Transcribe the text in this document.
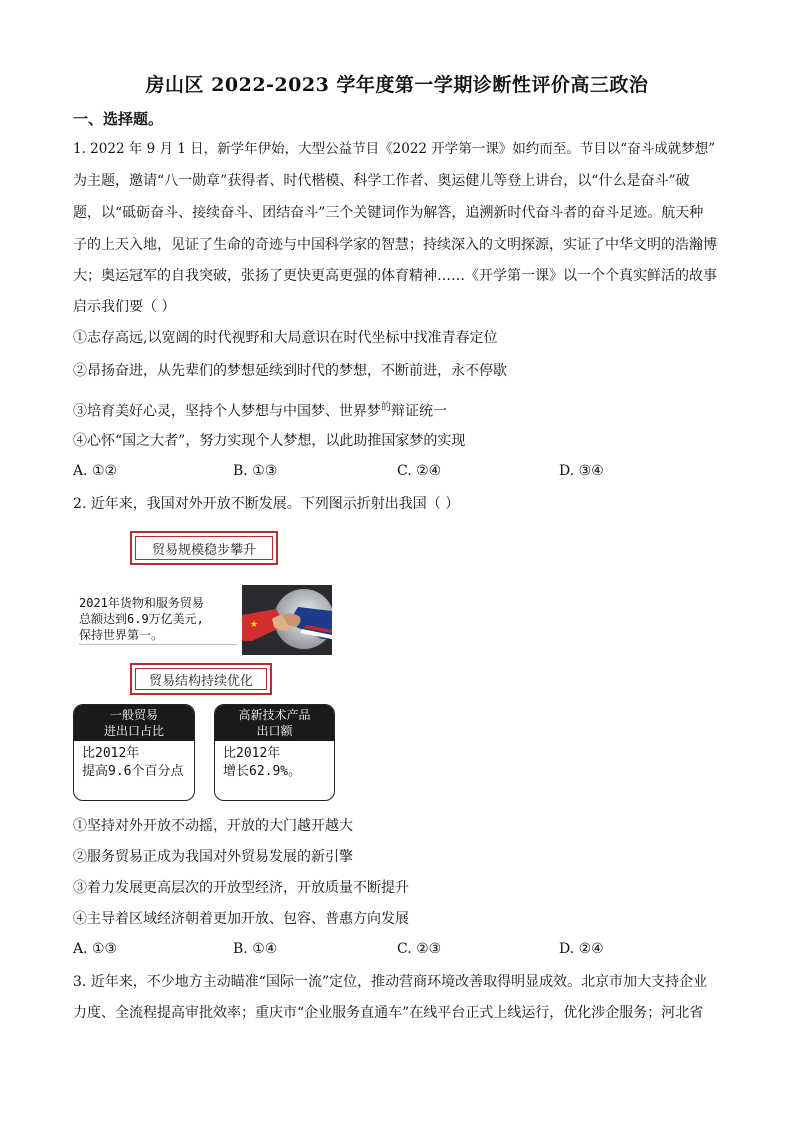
房山区 2022-2023 学年度第一学期诊断性评价高三政治
一、选择题。
1. 2022 年 9 月 1 日，新学年伊始，大型公益节目《2022 开学第一课》如约而至。节目以“奋斗成就梦想”
为主题，邀请“八一勋章”获得者、时代楷模、科学工作者、奥运健儿等登上讲台，以“什么是奋斗”破
题，以“砥砺奋斗、接续奋斗、团结奋斗”三个关键词作为解答，追溯新时代奋斗者的奋斗足迹。航天种
子的上天入地，见证了生命的奇迹与中国科学家的智慧；持续深入的文明探源，实证了中华文明的浩瀚博
大；奥运冠军的自我突破，张扬了更快更高更强的体育精神……《开学第一课》以一个个真实鲜活的故事
启示我们要（ ）
①志存高远,以宽阔的时代视野和大局意识在时代坐标中找准青春定位
②昂扬奋进，从先辈们的梦想延续到时代的梦想，不断前进，永不停歇
③培育美好心灵，坚持个人梦想与中国梦、世界梦$^的$辩证统一
④心怀“国之大者”，努力实现个人梦想，以此助推国家梦的实现
A. ①②	B. ①③	C. ②④	D. ③④
2. 近年来，我国对外开放不断发展。下列图示折射出我国（ ）
贸易规模稳步攀升
2021年货物和服务贸易
总额达到6.9万亿美元,
保持世界第一。
★
贸易结构持续优化
一般贸易
进出口占比
比2012年
提高9.6个百分点
高新技术产品
出口额
比2012年
增长62.9%。
①坚持对外开放不动摇，开放的大门越开越大
②服务贸易正成为我国对外贸易发展的新引擎
③着力发展更高层次的开放型经济，开放质量不断提升
④主导着区域经济朝着更加开放、包容、普惠方向发展
A. ①③	B. ①④	C. ②③	D. ②④
3. 近年来，不少地方主动瞄准“国际一流”定位，推动营商环境改善取得明显成效。北京市加大支持企业
力度、全流程提高审批效率；重庆市“企业服务直通车”在线平台正式上线运行，优化涉企服务；河北省
